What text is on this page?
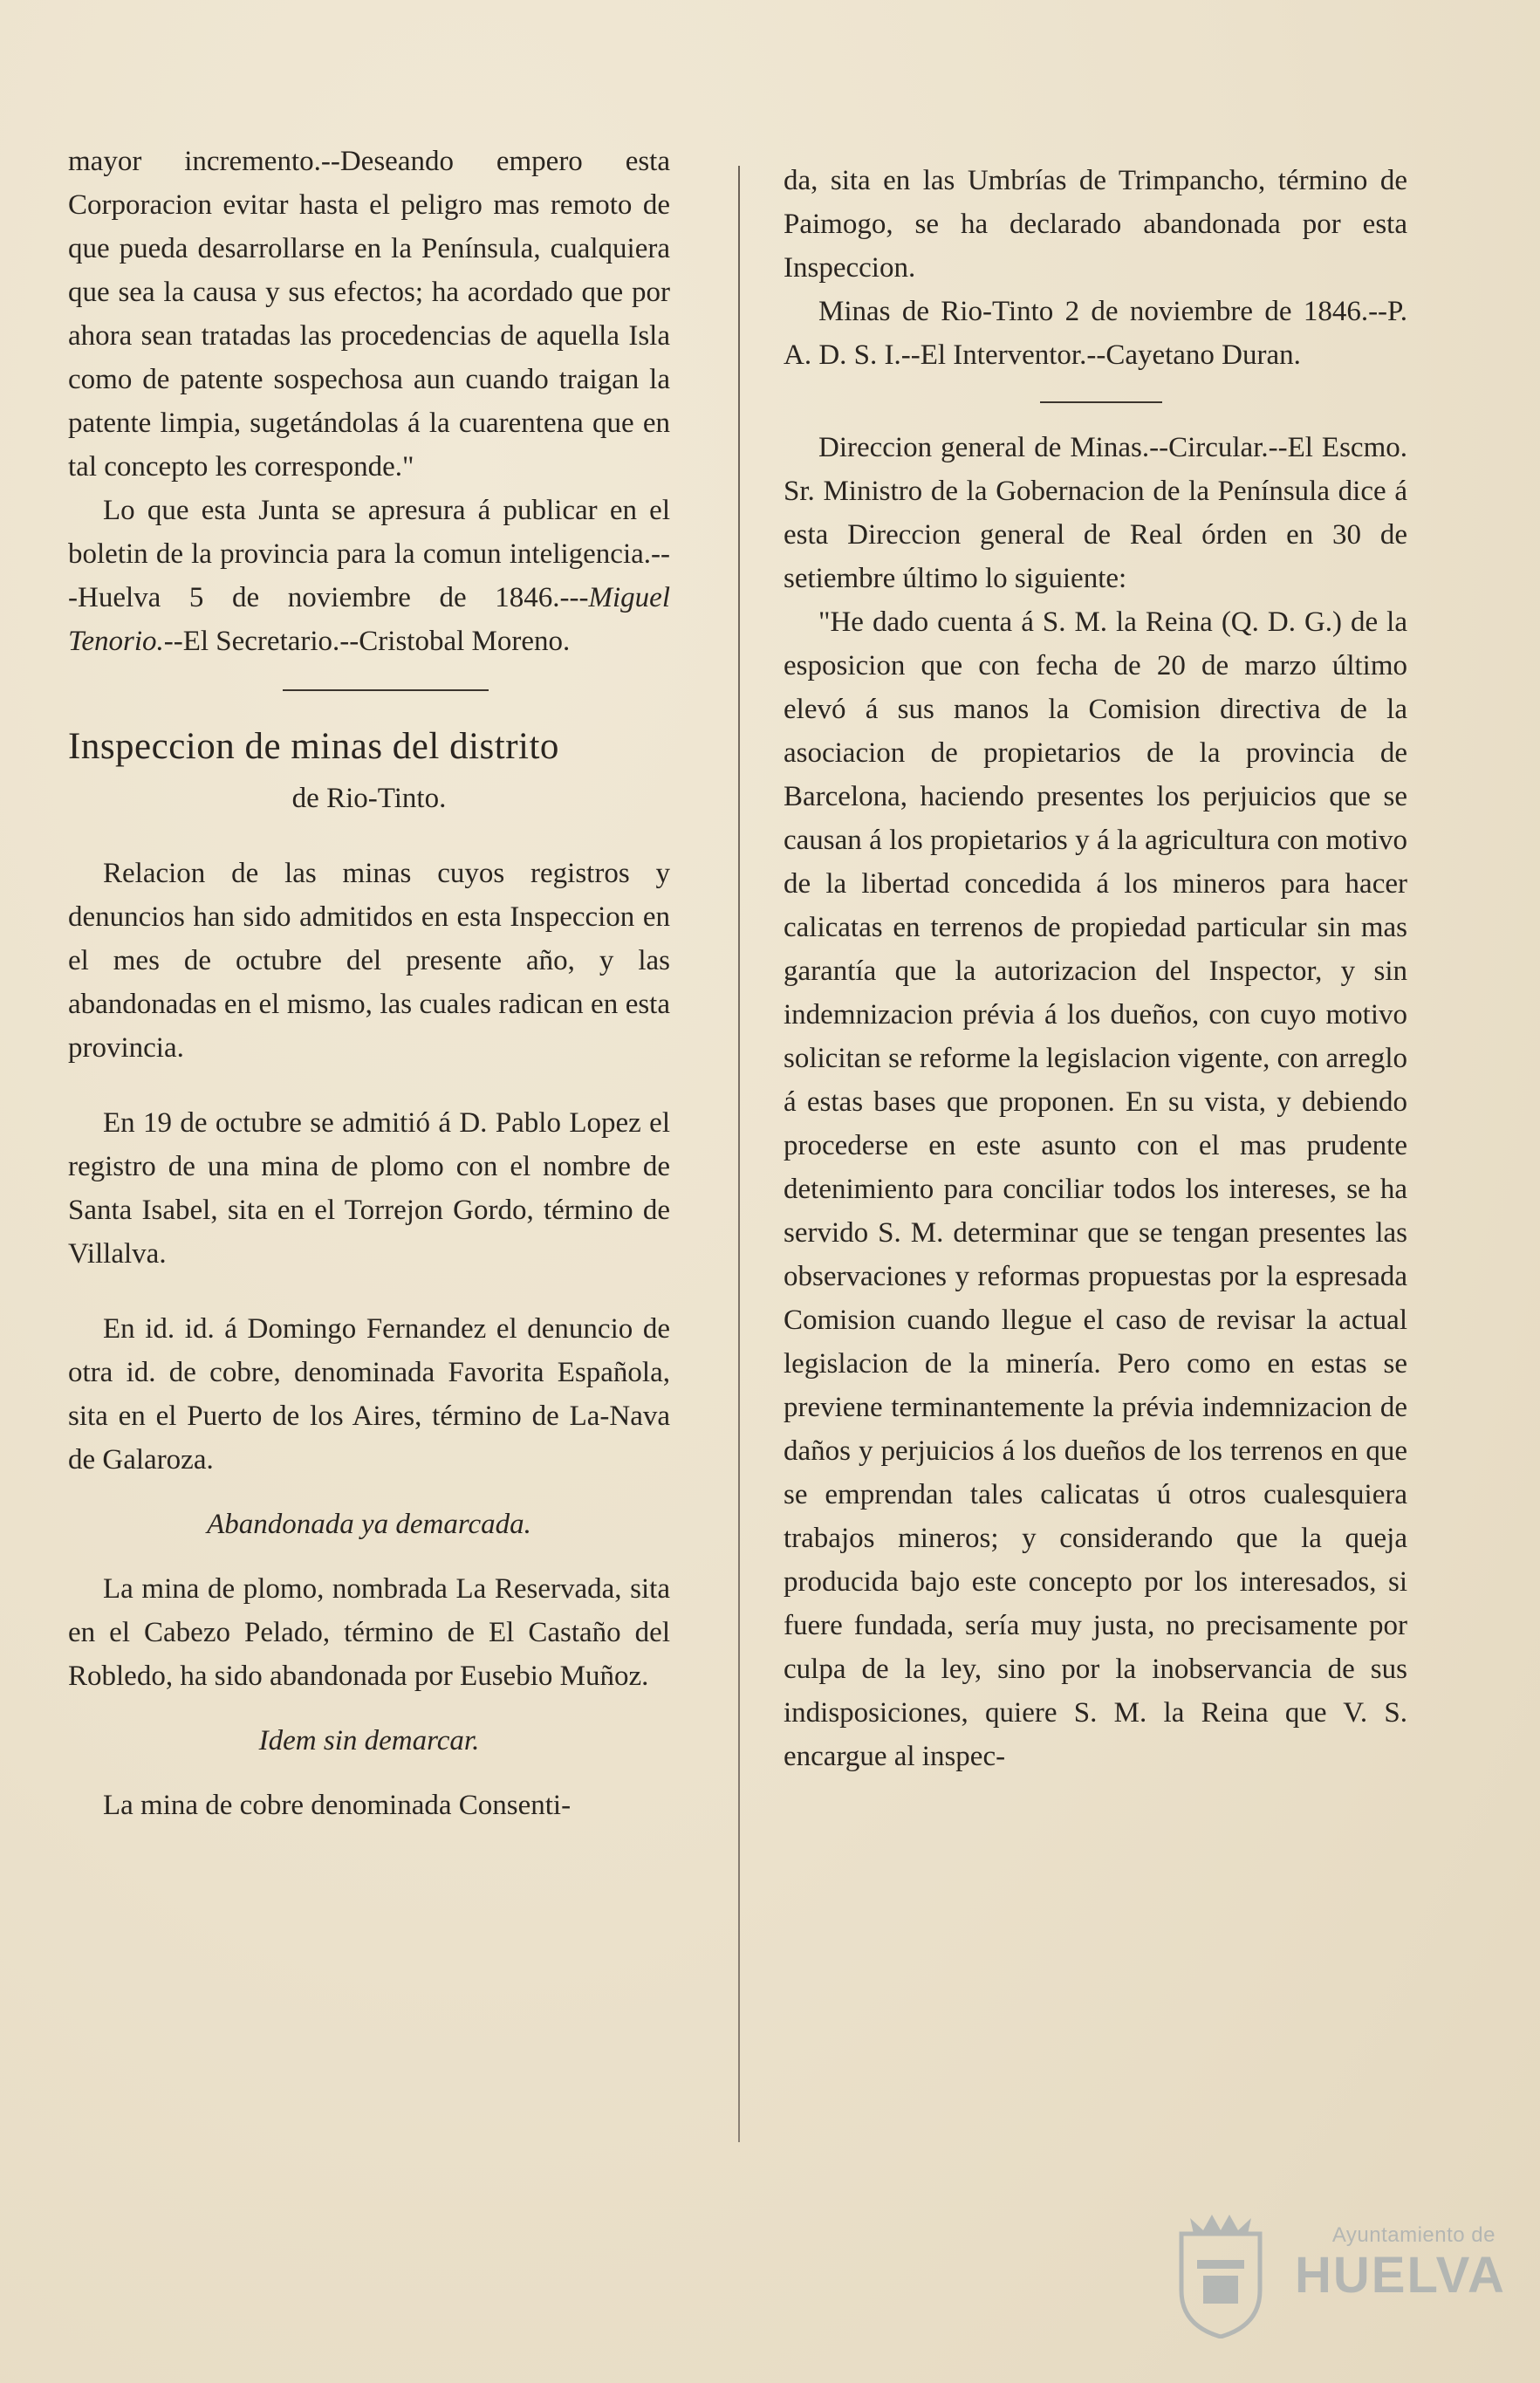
mayor incremento.--Deseando empero esta Corporacion evitar hasta el peligro mas remoto de que pueda desarrollarse en la Península, cualquiera que sea la causa y sus efectos; ha acordado que por ahora sean tratadas las procedencias de aquella Isla como de patente sospechosa aun cuando traigan la patente limpia, sugetándolas á la cuarentena que en tal concepto les corresponde."

Lo que esta Junta se apresura á publicar en el boletin de la provincia para la comun inteligencia.---Huelva 5 de noviembre de 1846.---Miguel Tenorio.--El Secretario.--Cristobal Moreno.

Inspeccion de minas del distrito
de Rio-Tinto.

Relacion de las minas cuyos registros y denuncios han sido admitidos en esta Inspeccion en el mes de octubre del presente año, y las abandonadas en el mismo, las cuales radican en esta provincia.

En 19 de octubre se admitió á D. Pablo Lopez el registro de una mina de plomo con el nombre de Santa Isabel, sita en el Torrejon Gordo, término de Villalva.

En id. id. á Domingo Fernandez el denuncio de otra id. de cobre, denominada Favorita Española, sita en el Puerto de los Aires, término de La-Nava de Galaroza.

Abandonada ya demarcada.

La mina de plomo, nombrada La Reservada, sita en el Cabezo Pelado, término de El Castaño del Robledo, ha sido abandonada por Eusebio Muñoz.

Idem sin demarcar.

La mina de cobre denominada Consenti-

da, sita en las Umbrías de Trimpancho, término de Paimogo, se ha declarado abandonada por esta Inspeccion.

Minas de Rio-Tinto 2 de noviembre de 1846.--P. A. D. S. I.--El Interventor.--Cayetano Duran.

Direccion general de Minas.--Circular.--El Escmo. Sr. Ministro de la Gobernacion de la Península dice á esta Direccion general de Real órden en 30 de setiembre último lo siguiente:

"He dado cuenta á S. M. la Reina (Q. D. G.) de la esposicion que con fecha de 20 de marzo último elevó á sus manos la Comision directiva de la asociacion de propietarios de la provincia de Barcelona, haciendo presentes los perjuicios que se causan á los propietarios y á la agricultura con motivo de la libertad concedida á los mineros para hacer calicatas en terrenos de propiedad particular sin mas garantía que la autorizacion del Inspector, y sin indemnizacion prévia á los dueños, con cuyo motivo solicitan se reforme la legislacion vigente, con arreglo á estas bases que proponen. En su vista, y debiendo procederse en este asunto con el mas prudente detenimiento para conciliar todos los intereses, se ha servido S. M. determinar que se tengan presentes las observaciones y reformas propuestas por la espresada Comision cuando llegue el caso de revisar la actual legislacion de la minería. Pero como en estas se previene terminantemente la prévia indemnizacion de daños y perjuicios á los dueños de los terrenos en que se emprendan tales calicatas ú otros cualesquiera trabajos mineros; y considerando que la queja producida bajo este concepto por los interesados, si fuere fundada, sería muy justa, no precisamente por culpa de la ley, sino por la inobservancia de sus indisposiciones, quiere S. M. la Reina que V. S. encargue al inspec-

Ayuntamiento de
HUELVA
